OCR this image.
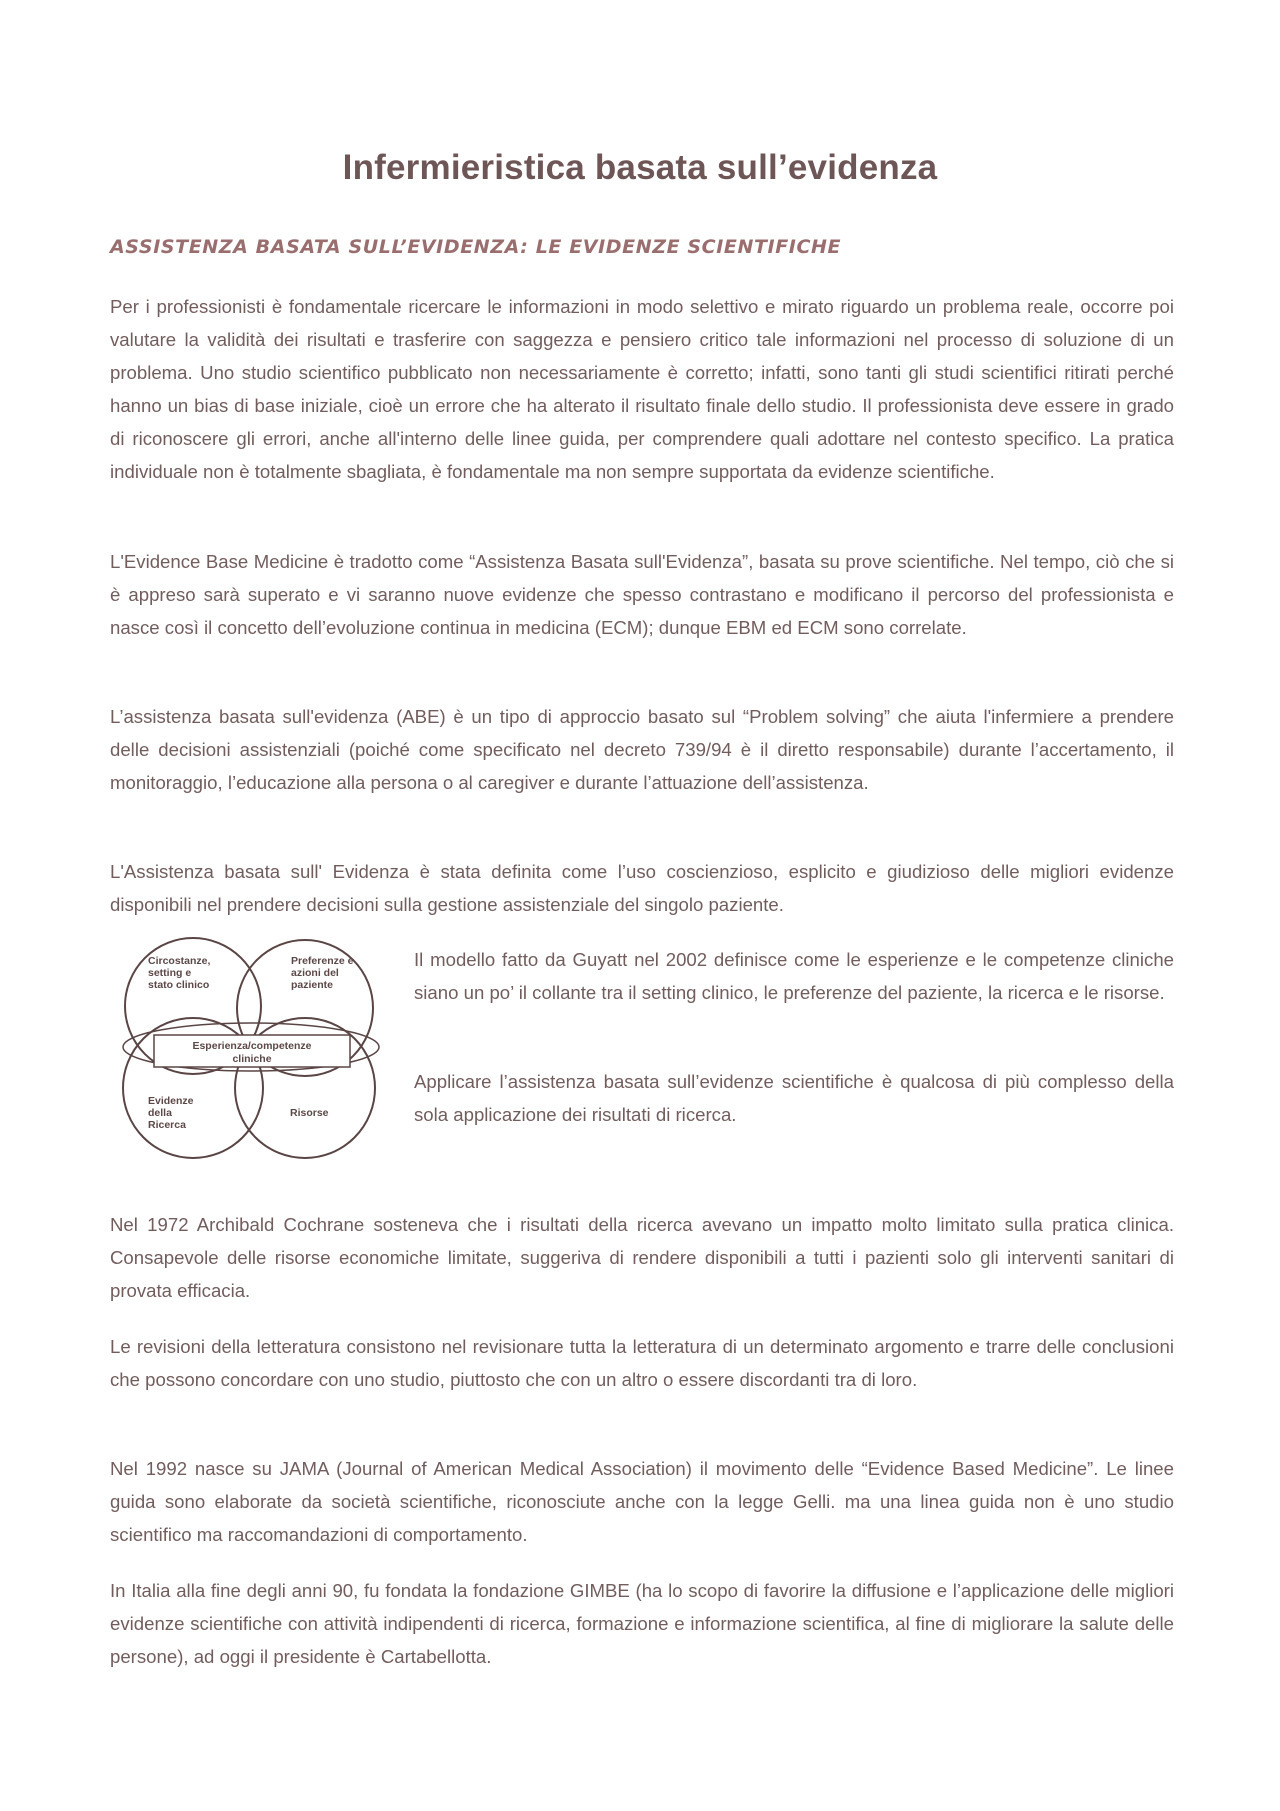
Infermieristica basata sull’evidenza
ASSISTENZA BASATA SULL’EVIDENZA: LE EVIDENZE SCIENTIFICHE

Per i professionisti è fondamentale ricercare le informazioni in modo selettivo e mirato riguardo un problema reale, occorre poi valutare la validità dei risultati e trasferire con saggezza e pensiero critico tale informazioni nel processo di soluzione di un problema. Uno studio scientifico pubblicato non necessariamente è corretto; infatti, sono tanti gli studi scientifici ritirati perché hanno un bias di base iniziale, cioè un errore che ha alterato il risultato finale dello studio. Il professionista deve essere in grado di riconoscere gli errori, anche all'interno delle linee guida, per comprendere quali adottare nel contesto specifico. La pratica individuale non è totalmente sbagliata, è fondamentale ma non sempre supportata da evidenze scientifiche.

L'Evidence Base Medicine è tradotto come “Assistenza Basata sull'Evidenza”, basata su prove scientifiche. Nel tempo, ciò che si è appreso sarà superato e vi saranno nuove evidenze che spesso contrastano e modificano il percorso del professionista e nasce così il concetto dell’evoluzione continua in medicina (ECM); dunque EBM ed ECM sono correlate.

L’assistenza basata sull'evidenza (ABE) è un tipo di approccio basato sul “Problem solving” che aiuta l'infermiere a prendere delle decisioni assistenziali (poiché come specificato nel decreto 739/94 è il diretto responsabile) durante l’accertamento, il monitoraggio, l’educazione alla persona o al caregiver e durante l’attuazione dell’assistenza.

L'Assistenza basata sull' Evidenza è stata definita come l’uso coscienzioso, esplicito e giudizioso delle migliori evidenze disponibili nel prendere decisioni sulla gestione assistenziale del singolo paziente.

Circostanze,
setting e
stato clinico
Preferenze e
azioni del
paziente
Esperienza/competenze
cliniche
Evidenze
della
Ricerca
Risorse

Il modello fatto da Guyatt nel 2002 definisce come le esperienze e le competenze cliniche siano un po’ il collante tra il setting clinico, le preferenze del paziente, la ricerca e le risorse.

Applicare l’assistenza basata sull’evidenze scientifiche è qualcosa di più complesso della sola applicazione dei risultati di ricerca.

Nel 1972 Archibald Cochrane sosteneva che i risultati della ricerca avevano un impatto molto limitato sulla pratica clinica. Consapevole delle risorse economiche limitate, suggeriva di rendere disponibili a tutti i pazienti solo gli interventi sanitari di provata efficacia.

Le revisioni della letteratura consistono nel revisionare tutta la letteratura di un determinato argomento e trarre delle conclusioni che possono concordare con uno studio, piuttosto che con un altro o essere discordanti tra di loro.

Nel 1992 nasce su JAMA (Journal of American Medical Association) il movimento delle “Evidence Based Medicine”. Le linee guida sono elaborate da società scientifiche, riconosciute anche con la legge Gelli. ma una linea guida non è uno studio scientifico ma raccomandazioni di comportamento.

In Italia alla fine degli anni 90, fu fondata la fondazione GIMBE (ha lo scopo di favorire la diffusione e l’applicazione delle migliori evidenze scientifiche con attività indipendenti di ricerca, formazione e informazione scientifica, al fine di migliorare la salute delle persone), ad oggi il presidente è Cartabellotta.
